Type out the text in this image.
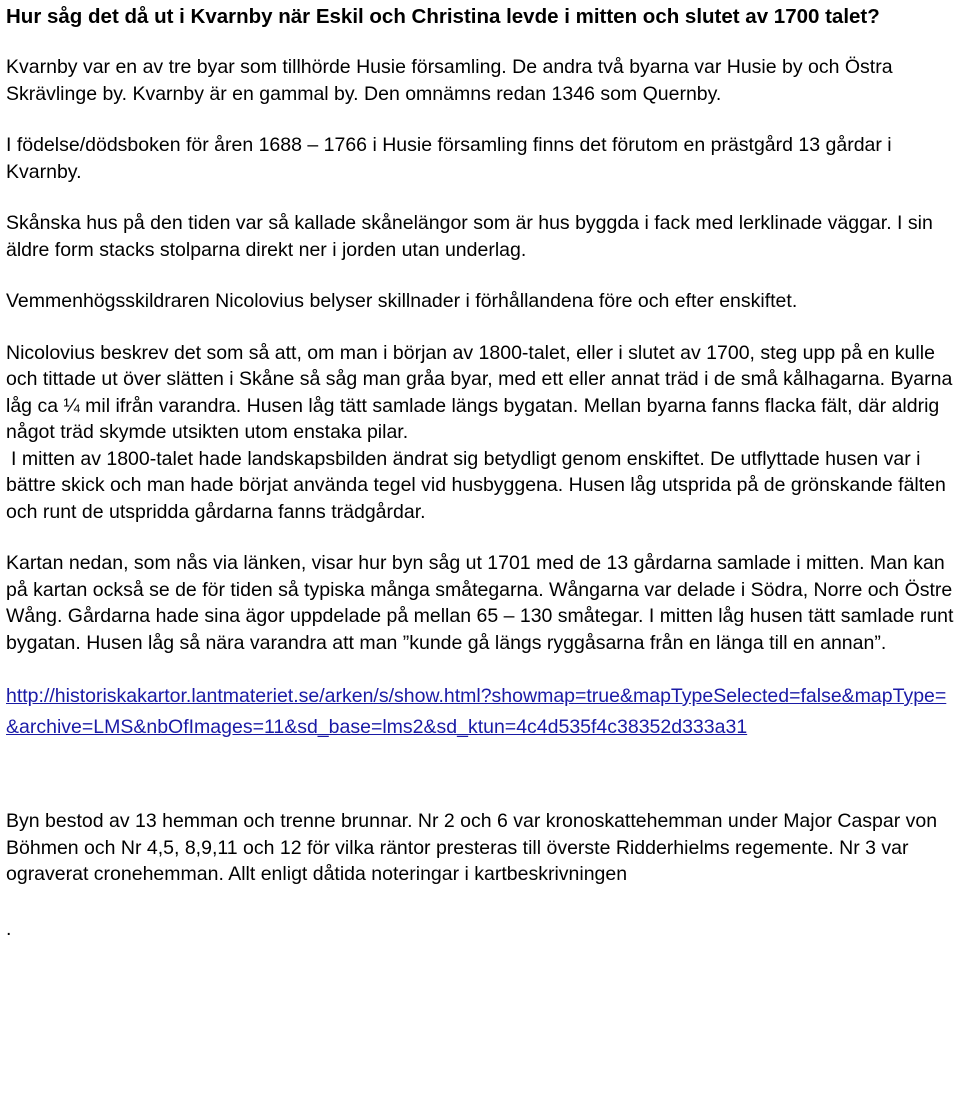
Hur såg det då ut i Kvarnby när Eskil och Christina levde i mitten och slutet av 1700 talet?

Kvarnby var en av tre byar som tillhörde Husie församling. De andra två byarna var Husie by och Östra Skrävlinge by. Kvarnby är en gammal by. Den omnämns redan 1346 som Quernby.

I födelse/dödsboken för åren 1688 – 1766 i Husie församling finns det förutom en prästgård 13 gårdar i Kvarnby.

Skånska hus på den tiden var så kallade skånelängor som är hus byggda i fack med lerklinade väggar. I sin äldre form stacks stolparna direkt ner i jorden utan underlag.

Vemmenhögsskildraren Nicolovius belyser skillnader i förhållandena före och efter enskiftet.

Nicolovius beskrev det som så att, om man i början av 1800-talet, eller i slutet av 1700, steg upp på en kulle och tittade ut över slätten i Skåne så såg man gråa byar, med ett eller annat träd i de små kålhagarna. Byarna låg ca ¼ mil ifrån varandra. Husen låg tätt samlade längs bygatan. Mellan byarna fanns flacka fält, där aldrig något träd skymde utsikten utom enstaka pilar.

I mitten av 1800-talet hade landskapsbilden ändrat sig betydligt genom enskiftet. De utflyttade husen var i bättre skick och man hade börjat använda tegel vid husbyggena. Husen låg utsprida på de grönskande fälten och runt de utspridda gårdarna fanns trädgårdar.

Kartan nedan, som nås via länken, visar hur byn såg ut 1701 med de 13 gårdarna samlade i mitten. Man kan på kartan också se de för tiden så typiska många småtegarna. Wångarna var delade i Södra, Norre och Östre Wång. Gårdarna hade sina ägor uppdelade på mellan 65 – 130 småtegar. I mitten låg husen tätt samlade runt bygatan. Husen låg så nära varandra att man ”kunde gå längs ryggåsarna från en länga till en annan”.

http://historiskakartor.lantmateriet.se/arken/s/show.html?showmap=true&mapTypeSelected=false&mapType=&archive=LMS&nbOfImages=11&sd_base=lms2&sd_ktun=4c4d535f4c38352d333a31

Byn bestod av 13 hemman och trenne brunnar. Nr 2 och 6 var kronoskattehemman under Major Caspar von Böhmen och Nr 4,5, 8,9,11 och 12 för vilka räntor presteras till överste Ridderhielms regemente. Nr 3 var ograverat cronehemman. Allt enligt dåtida noteringar i kartbeskrivningen

.
